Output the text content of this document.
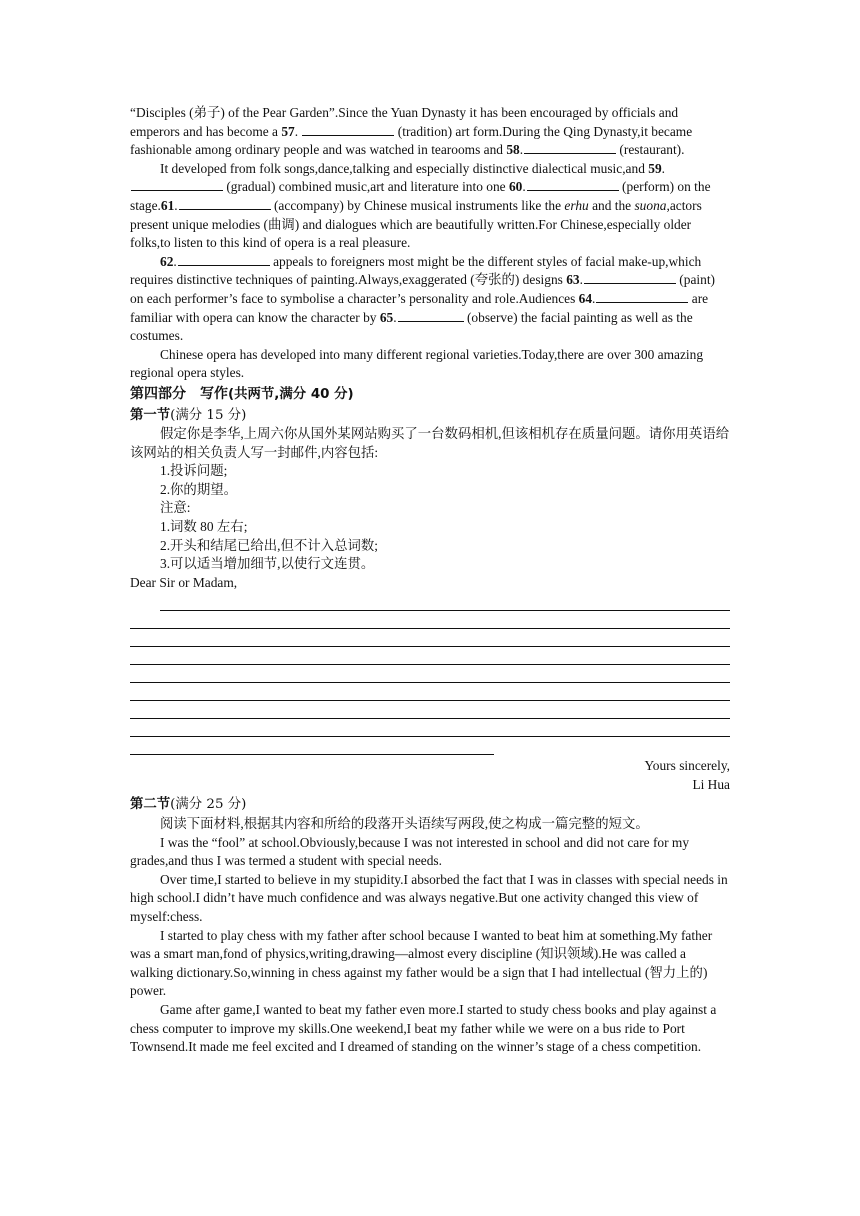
“Disciples (弟子) of the Pear Garden”.Since the Yuan Dynasty it has been encouraged by officials and emperors and has become a 57.	(tradition) art form.During the Qing Dynasty,it became fashionable among ordinary people and was watched in tearooms and 58.	(restaurant).

It developed from folk songs,dance,talking and especially distinctive dialectical music,and 59. (gradual) combined music,art and literature into one 60.	(perform) on the stage.61.	(accompany) by Chinese musical instruments like the erhu and the suona,actors present unique melodies (曲调) and dialogues which are beautifully written.For Chinese,especially older folks,to listen to this kind of opera is a real pleasure.

62.	appeals to foreigners most might be the different styles of facial make-up,which requires distinctive techniques of painting.Always,exaggerated (夸张的) designs 63.	(paint) on each performer’s face to symbolise a character’s personality and role.Audiences 64.	are familiar with opera can know the character by 65.	(observe) the facial painting as well as the costumes.

Chinese opera has developed into many different regional varieties.Today,there are over 300 amazing regional opera styles.

第四部分　写作(共两节,满分 40 分)

第一节(满分 15 分)

假定你是李华,上周六你从国外某网站购买了一台数码相机,但该相机存在质量问题。请你用英语给该网站的相关负责人写一封邮件,内容包括:

1.投诉问题;

2.你的期望。

注意:

1.词数 80 左右;

2.开头和结尾已给出,但不计入总词数;

3.可以适当增加细节,以使行文连贯。

Dear Sir or Madam,

Yours sincerely,

Li Hua

第二节(满分 25 分)

阅读下面材料,根据其内容和所给的段落开头语续写两段,使之构成一篇完整的短文。

I was the “fool” at school.Obviously,because I was not interested in school and did not care for my grades,and thus I was termed a student with special needs.

Over time,I started to believe in my stupidity.I absorbed the fact that I was in classes with special needs in high school.I didn’t have much confidence and was always negative.But one activity changed this view of myself:chess.

I started to play chess with my father after school because I wanted to beat him at something.My father was a smart man,fond of physics,writing,drawing—almost every discipline (知识领域).He was called a walking dictionary.So,winning in chess against my father would be a sign that I had intellectual (智力上的) power.

Game after game,I wanted to beat my father even more.I started to study chess books and play against a chess computer to improve my skills.One weekend,I beat my father while we were on a bus ride to Port Townsend.It made me feel excited and I dreamed of standing on the winner’s stage of a chess competition.
